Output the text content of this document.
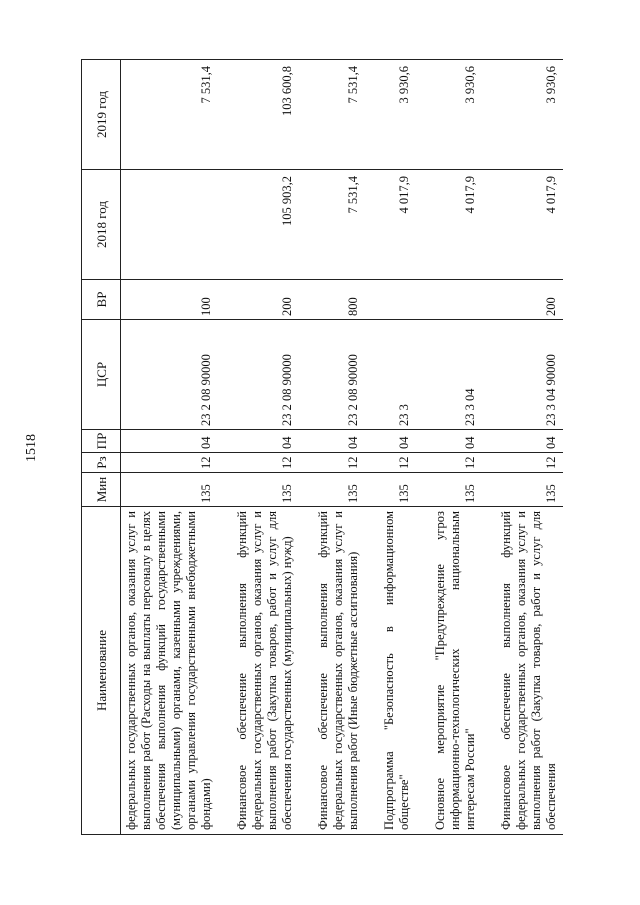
1518
Наименование	Мин	Рз	ПР	ЦСР	ВР	2018 год	2019 год
федеральных государственных органов, оказания услуг и выполнения работ (Расходы на выплаты персоналу в целях обеспечения выполнения функций государственными (муниципальными) органами, казенными учреждениями, органами управления государственными внебюджетными фондами)	135	12	04	23 2 08 90000	100		7 531,4

Финансовое обеспечение выполнения функций федеральных государственных органов, оказания услуг и выполнения работ (Закупка товаров, работ и услуг для обеспечения государственных (муниципальных) нужд)	135	12	04	23 2 08 90000	200	105 903,2	103 600,8

Финансовое обеспечение выполнения функций федеральных государственных органов, оказания услуг и выполнения работ (Иные бюджетные ассигнования)	135	12	04	23 2 08 90000	800	7 531,4	7 531,4

Подпрограмма "Безопасность в информационном обществе"	135	12	04	23 3		4 017,9	3 930,6

Основное мероприятие "Предупреждение угроз информационно-технологических национальным интересам России"	135	12	04	23 3 04		4 017,9	3 930,6

Финансовое обеспечение выполнения функций федеральных государственных органов, оказания услуг и выполнения работ (Закупка товаров, работ и услуг для обеспечения	135	12	04	23 3 04 90000	200	4 017,9	3 930,6
